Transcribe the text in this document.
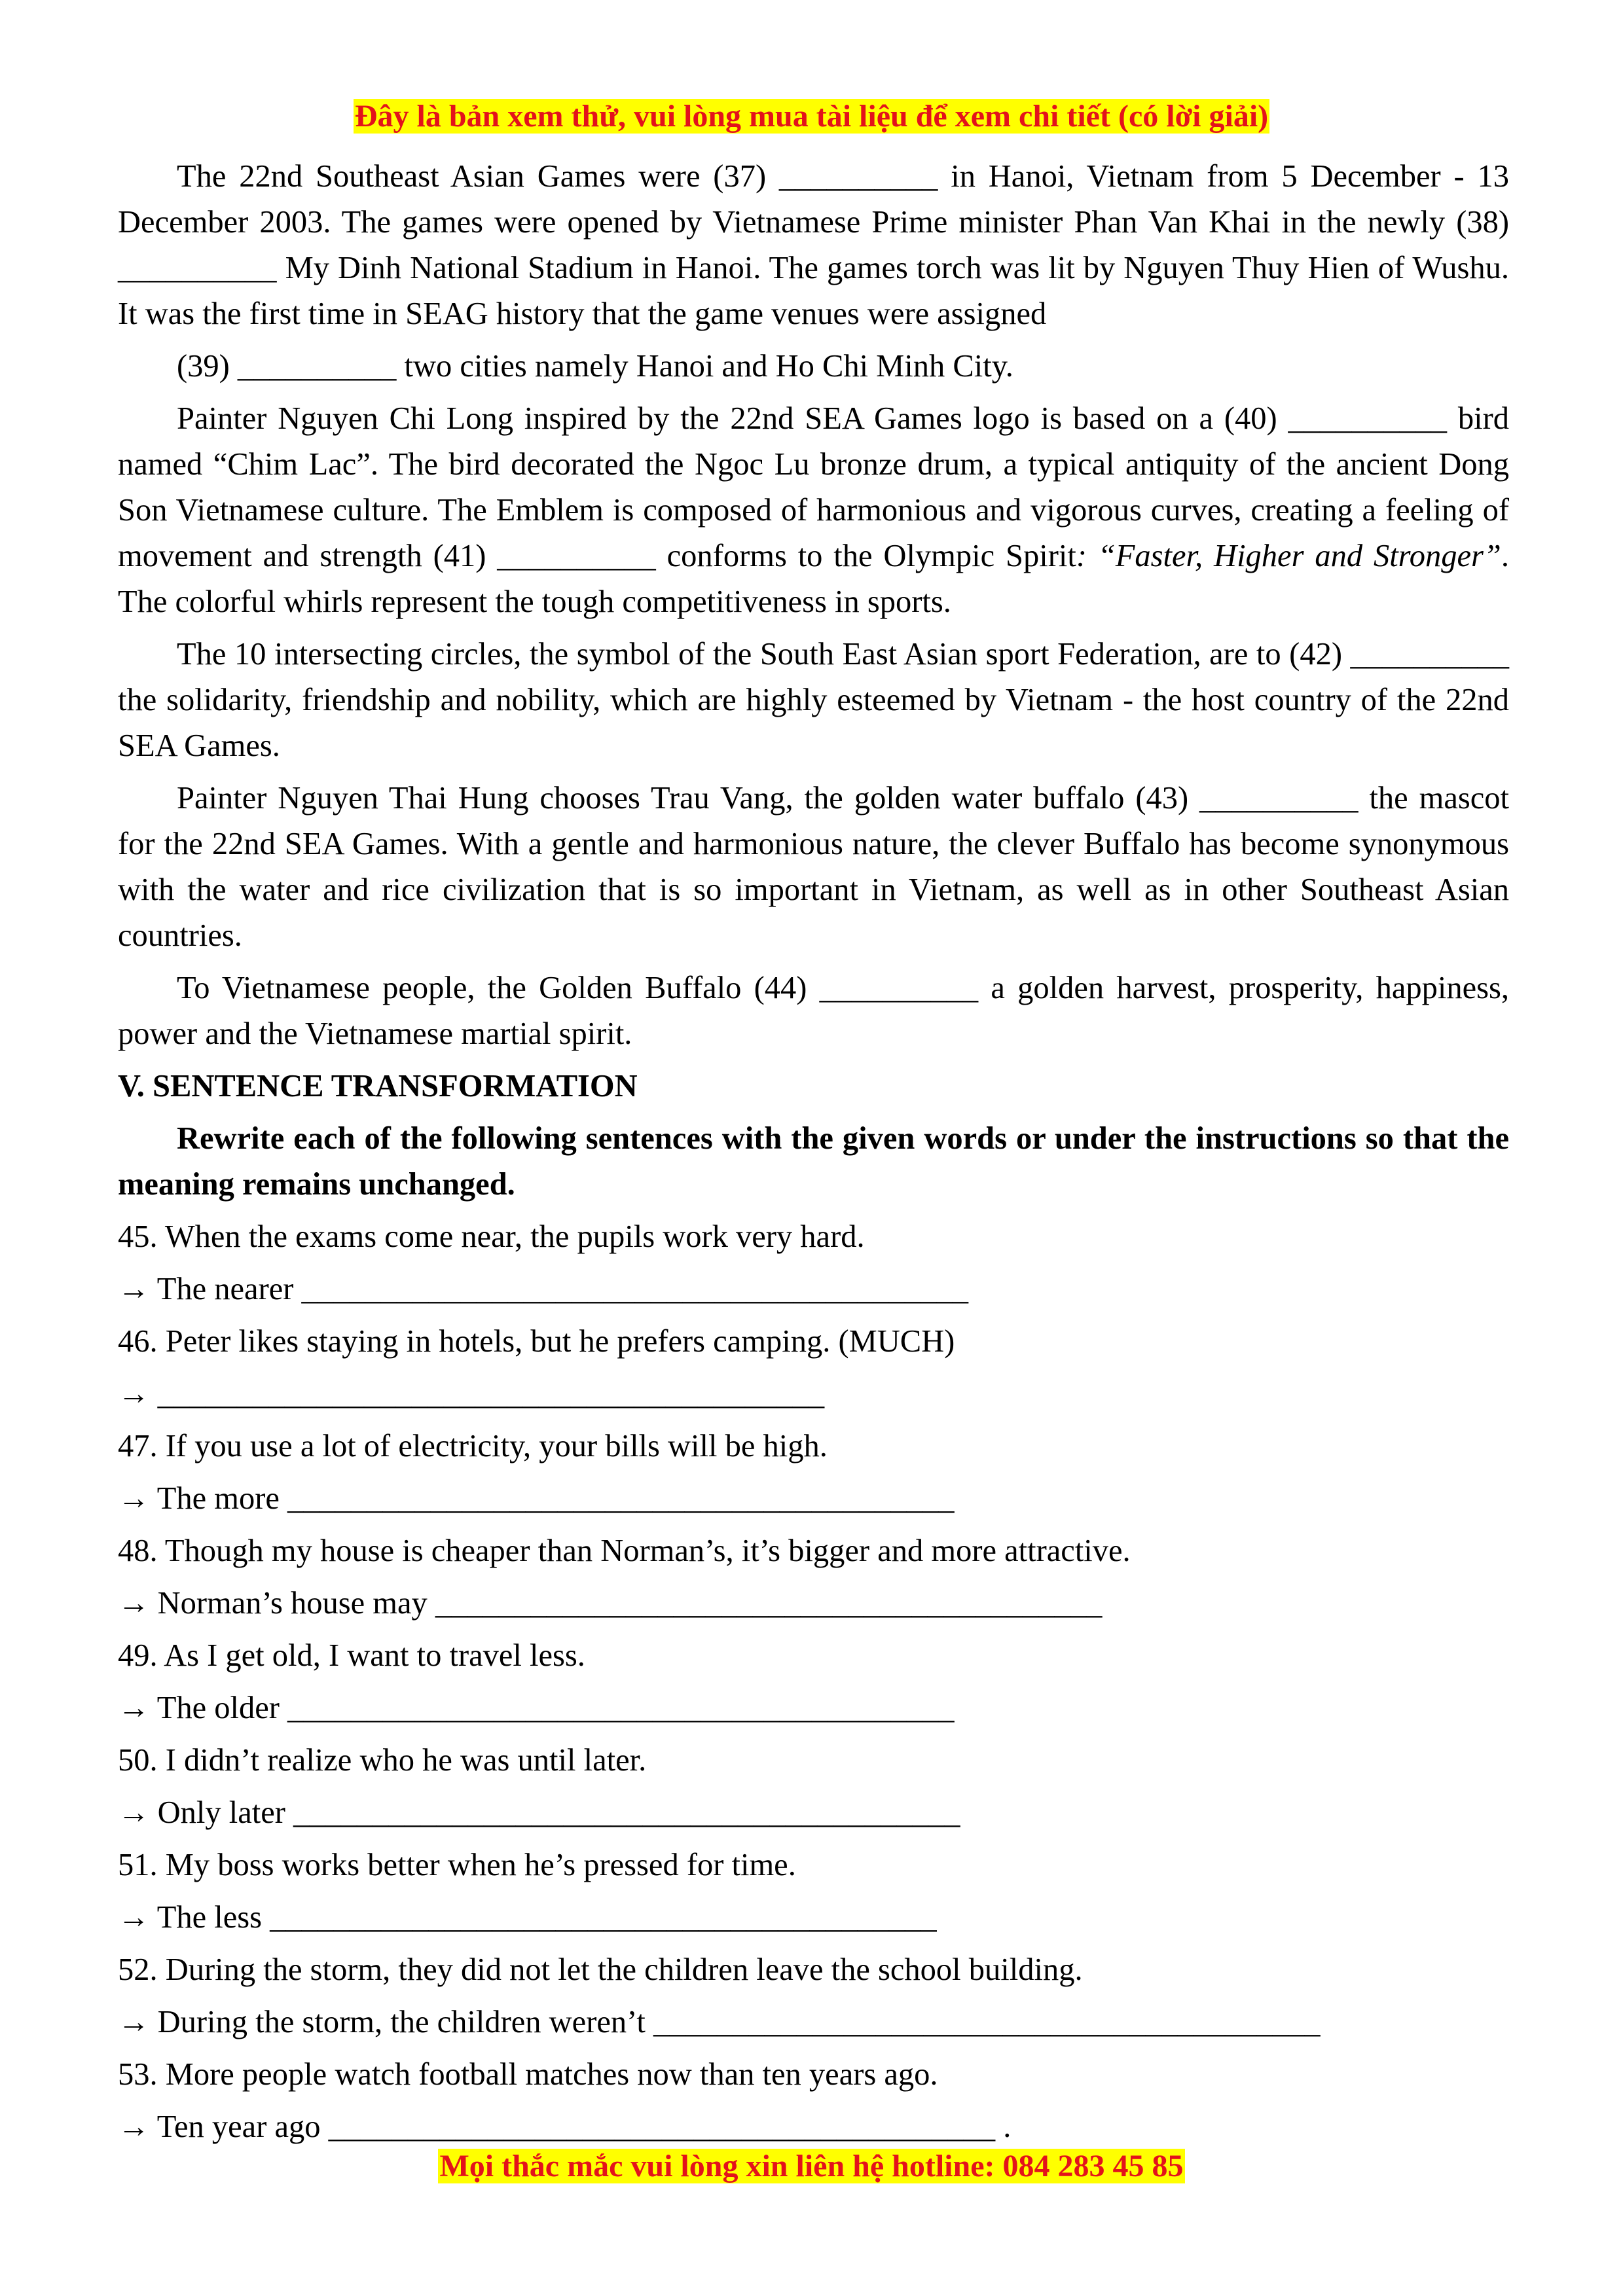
Đây là bản xem thử, vui lòng mua tài liệu để xem chi tiết (có lời giải)

The 22nd Southeast Asian Games were (37) __________ in Hanoi, Vietnam from 5 December - 13 December 2003. The games were opened by Vietnamese Prime minister Phan Van Khai in the newly (38) __________ My Dinh National Stadium in Hanoi. The games torch was lit by Nguyen Thuy Hien of Wushu. It was the first time in SEAG history that the game venues were assigned

(39) __________ two cities namely Hanoi and Ho Chi Minh City.

Painter Nguyen Chi Long inspired by the 22nd SEA Games logo is based on a (40) __________ bird named “Chim Lac”. The bird decorated the Ngoc Lu bronze drum, a typical antiquity of the ancient Dong Son Vietnamese culture. The Emblem is composed of harmonious and vigorous curves, creating a feeling of movement and strength (41) __________ conforms to the Olympic Spirit: “Faster, Higher and Stronger”. The colorful whirls represent the tough competitiveness in sports.

The 10 intersecting circles, the symbol of the South East Asian sport Federation, are to (42) __________ the solidarity, friendship and nobility, which are highly esteemed by Vietnam - the host country of the 22nd SEA Games.

Painter Nguyen Thai Hung chooses Trau Vang, the golden water buffalo (43) __________ the mascot for the 22nd SEA Games. With a gentle and harmonious nature, the clever Buffalo has become synonymous with the water and rice civilization that is so important in Vietnam, as well as in other Southeast Asian countries.

To Vietnamese people, the Golden Buffalo (44) __________ a golden harvest, prosperity, happiness, power and the Vietnamese martial spirit.

V. SENTENCE TRANSFORMATION
Rewrite each of the following sentences with the given words or under the instructions so that the meaning remains unchanged.
45. When the exams come near, the pupils work very hard.
→ The nearer __________________________________________
46. Peter likes staying in hotels, but he prefers camping. (MUCH)
→ __________________________________________
47. If you use a lot of electricity, your bills will be high.
→ The more __________________________________________
48. Though my house is cheaper than Norman’s, it’s bigger and more attractive.
→ Norman’s house may __________________________________________
49. As I get old, I want to travel less.
→ The older __________________________________________
50. I didn’t realize who he was until later.
→ Only later __________________________________________
51. My boss works better when he’s pressed for time.
→ The less __________________________________________
52. During the storm, they did not let the children leave the school building.
→ During the storm, the children weren’t __________________________________________
53. More people watch football matches now than ten years ago.
→ Ten year ago __________________________________________ .
Mọi thắc mắc vui lòng xin liên hệ hotline: 084 283 45 85
